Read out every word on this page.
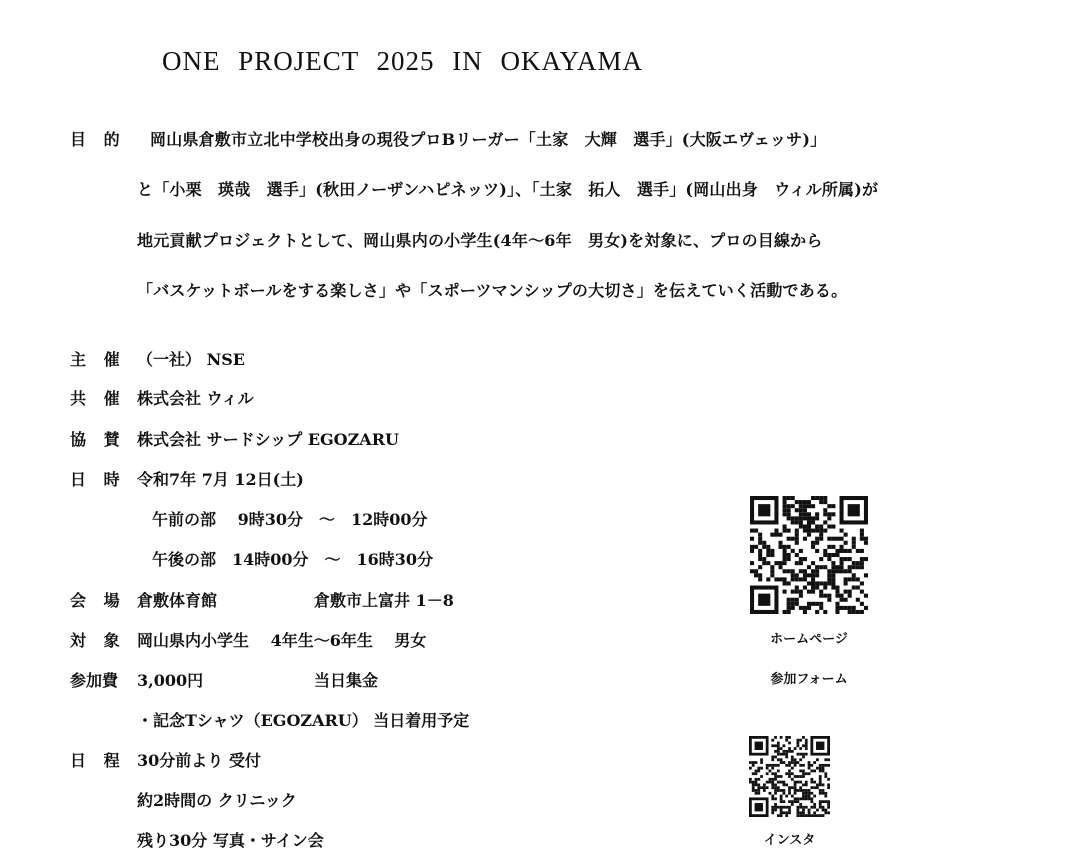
ONE PROJECT 2025 IN OKAYAMA
目 的 岡山県倉敷市立北中学校出身の現役プロBリーガー「土家　大輝　選手」(大阪エヴェッサ)」
と「小栗　瑛哉　選手」(秋田ノーザンハピネッツ)」、「土家　拓人　選手」(岡山出身　ウィル所属)が
地元貢献プロジェクトとして、岡山県内の小学生(4年～6年　男女)を対象に、プロの目線から
「バスケットボールをする楽しさ」や「スポーツマンシップの大切さ」を伝えていく活動である。
主 催 （一社） NSE
共 催 株式会社 ウィル
協 賛 株式会社 サードシップ EGOZARU
日 時 令和7年 7月 12日(土)
午前の部　 9時30分　～　12時00分
午後の部　14時00分　～　16時30分
会 場 倉敷体育館	倉敷市上富井 1－8
対 象 岡山県内小学生　 4年生～6年生　 男女
参加費 3,000円	当日集金
・記念Tシャツ（EGOZARU） 当日着用予定
日 程 30分前より 受付
約2時間の クリニック
残り30分 写真・サイン会
ホームページ
参加フォーム
インスタ
